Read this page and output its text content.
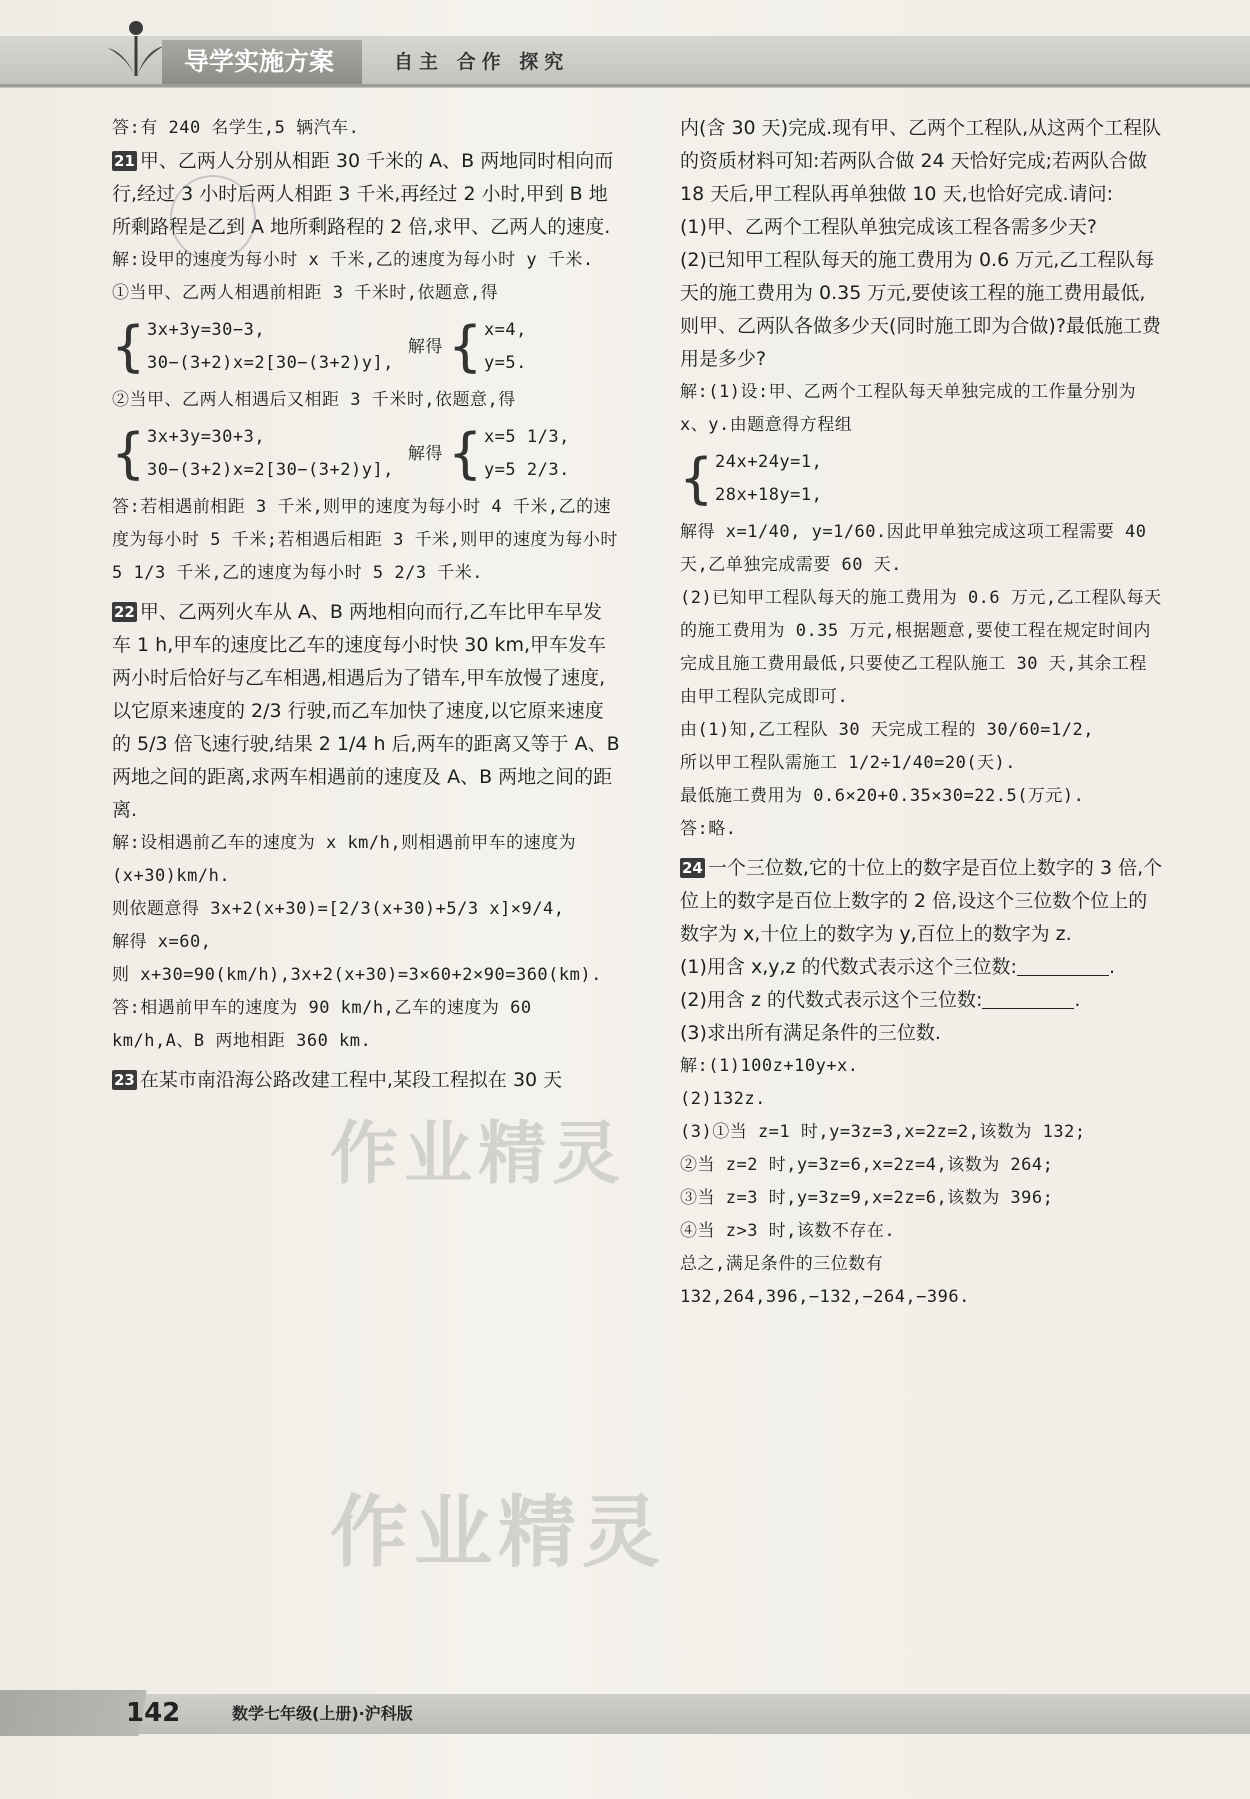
导学实施方案	自主 合作 探究

答:有 240 名学生,5 辆汽车.

21 甲、乙两人分别从相距 30 千米的 A、B 两地同时相向而行,经过 3 小时后两人相距 3 千米,再经过 2 小时,甲到 B 地所剩路程是乙到 A 地所剩路程的 2 倍,求甲、乙两人的速度.

解:设甲的速度为每小时 x 千米,乙的速度为每小时 y 千米.

①当甲、乙两人相遇前相距 3 千米时,依题意,得

{ 3x+3y=30−3,
30−(3+2)x=2[30−(3+2)y],
解得 { x=4,
y=5.

②当甲、乙两人相遇后又相距 3 千米时,依题意,得

{ 3x+3y=30+3,
30−(3+2)x=2[30−(3+2)y],
解得 { x=5 1/3,
y=5 2/3.

答:若相遇前相距 3 千米,则甲的速度为每小时 4 千米,乙的速度为每小时 5 千米;若相遇后相距 3 千米,则甲的速度为每小时 5 1/3 千米,乙的速度为每小时 5 2/3 千米.

22 甲、乙两列火车从 A、B 两地相向而行,乙车比甲车早发车 1 h,甲车的速度比乙车的速度每小时快 30 km,甲车发车两小时后恰好与乙车相遇,相遇后为了错车,甲车放慢了速度,以它原来速度的 2/3 行驶,而乙车加快了速度,以它原来速度的 5/3 倍飞速行驶,结果 2 1/4 h 后,两车的距离又等于 A、B 两地之间的距离,求两车相遇前的速度及 A、B 两地之间的距离.

解:设相遇前乙车的速度为 x km/h,则相遇前甲车的速度为(x+30)km/h.

则依题意得 3x+2(x+30)=[2/3(x+30)+5/3 x]×9/4,

解得 x=60,

则 x+30=90(km/h),3x+2(x+30)=3×60+2×90=360(km).

答:相遇前甲车的速度为 90 km/h,乙车的速度为 60 km/h,A、B 两地相距 360 km.

23 在某市南沿海公路改建工程中,某段工程拟在 30 天

内(含 30 天)完成.现有甲、乙两个工程队,从这两个工程队的资质材料可知:若两队合做 24 天恰好完成;若两队合做 18 天后,甲工程队再单独做 10 天,也恰好完成.请问:

(1)甲、乙两个工程队单独完成该工程各需多少天?

(2)已知甲工程队每天的施工费用为 0.6 万元,乙工程队每天的施工费用为 0.35 万元,要使该工程的施工费用最低,则甲、乙两队各做多少天(同时施工即为合做)?最低施工费用是多少?

解:(1)设:甲、乙两个工程队每天单独完成的工作量分别为 x、y.由题意得方程组

{ 24x+24y=1,
28x+18y=1,

解得 x=1/40, y=1/60.因此甲单独完成这项工程需要 40 天,乙单独完成需要 60 天.

(2)已知甲工程队每天的施工费用为 0.6 万元,乙工程队每天的施工费用为 0.35 万元,根据题意,要使工程在规定时间内完成且施工费用最低,只要使乙工程队施工 30 天,其余工程由甲工程队完成即可.

由(1)知,乙工程队 30 天完成工程的 30/60=1/2,

所以甲工程队需施工 1/2÷1/40=20(天).

最低施工费用为 0.6×20+0.35×30=22.5(万元).

答:略.

24 一个三位数,它的十位上的数字是百位上数字的 3 倍,个位上的数字是百位上数字的 2 倍,设这个三位数个位上的数字为 x,十位上的数字为 y,百位上的数字为 z.

(1)用含 x,y,z 的代数式表示这个三位数:	.

(2)用含 z 的代数式表示这个三位数:	.

(3)求出所有满足条件的三位数.

解:(1)100z+10y+x.

(2)132z.

(3)①当 z=1 时,y=3z=3,x=2z=2,该数为 132;

②当 z=2 时,y=3z=6,x=2z=4,该数为 264;

③当 z=3 时,y=3z=9,x=2z=6,该数为 396;

④当 z>3 时,该数不存在.

总之,满足条件的三位数有 132,264,396,−132,−264,−396.

作业精灵
作业精灵
142	数学七年级(上册)·沪科版
